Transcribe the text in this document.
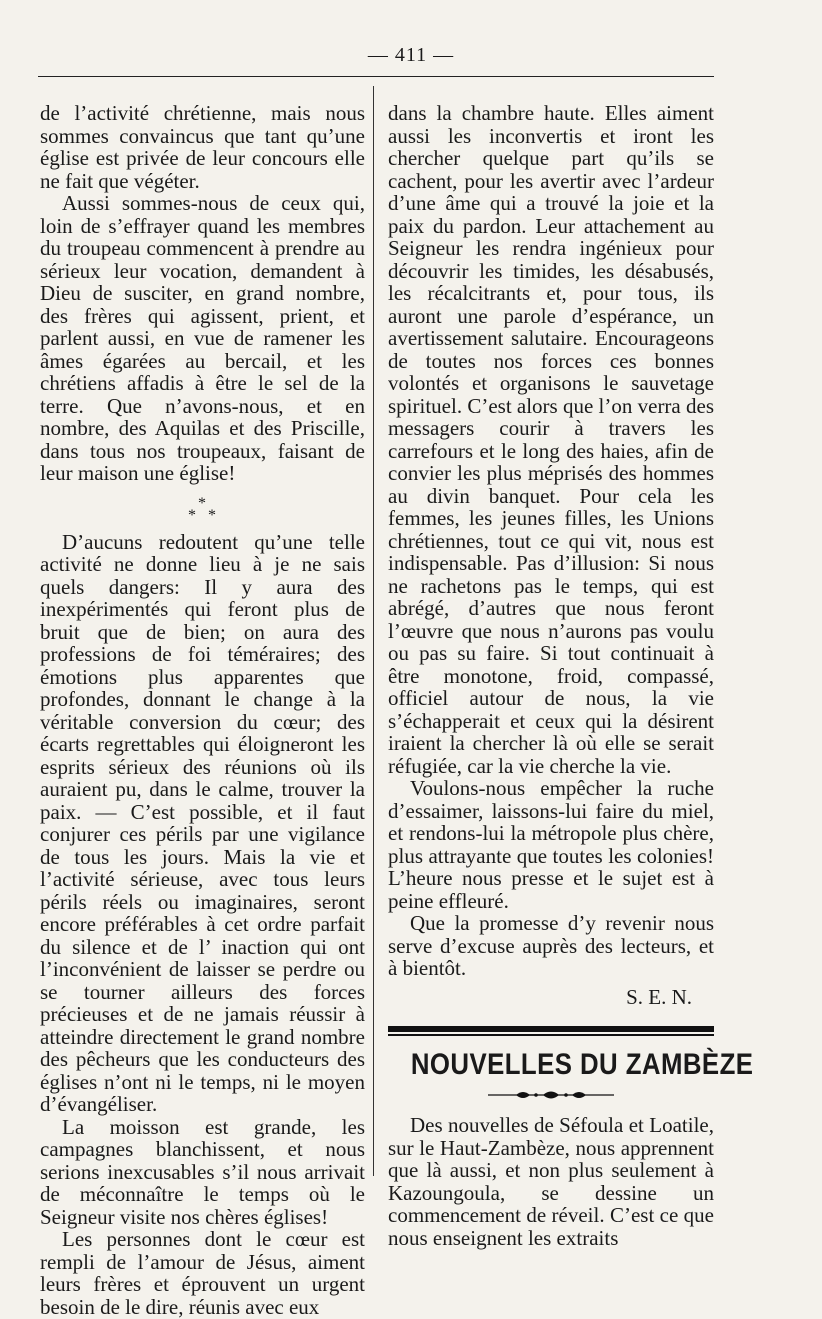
— 411 —

de l’activité chrétienne, mais nous sommes convaincus que tant qu’une église est privée de leur concours elle ne fait que végéter.

Aussi sommes-nous de ceux qui, loin de s’effrayer quand les membres du troupeau commencent à prendre au sérieux leur vocation, demandent à Dieu de susciter, en grand nombre, des frères qui agissent, prient, et parlent aussi, en vue de ramener les âmes égarées au bercail, et les chrétiens affadis à être le sel de la terre. Que n’avons-nous, et en nombre, des Aquilas et des Priscille, dans tous nos troupeaux, faisant de leur maison une église!

*
* *

D’aucuns redoutent qu’une telle activité ne donne lieu à je ne sais quels dangers: Il y aura des inexpérimentés qui feront plus de bruit que de bien; on aura des professions de foi téméraires; des émotions plus apparentes que profondes, donnant le change à la véritable conversion du cœur; des écarts regrettables qui éloigneront les esprits sérieux des réunions où ils auraient pu, dans le calme, trouver la paix. — C’est possible, et il faut conjurer ces périls par une vigilance de tous les jours. Mais la vie et l’activité sérieuse, avec tous leurs périls réels ou imaginaires, seront encore préférables à cet ordre parfait du silence et de l’ inaction qui ont l’inconvénient de laisser se perdre ou se tourner ailleurs des forces précieuses et de ne jamais réussir à atteindre directement le grand nombre des pêcheurs que les conducteurs des églises n’ont ni le temps, ni le moyen d’évangéliser.

La moisson est grande, les campagnes blanchissent, et nous serions inexcusables s’il nous arrivait de méconnaître le temps où le Seigneur visite nos chères églises!

Les personnes dont le cœur est rempli de l’amour de Jésus, aiment leurs frères et éprouvent un urgent besoin de le dire, réunis avec eux

dans la chambre haute. Elles aiment aussi les inconvertis et iront les chercher quelque part qu’ils se cachent, pour les avertir avec l’ardeur d’une âme qui a trouvé la joie et la paix du pardon. Leur attachement au Seigneur les rendra ingénieux pour découvrir les timides, les désabusés, les récalcitrants et, pour tous, ils auront une parole d’espérance, un avertissement salutaire. Encourageons de toutes nos forces ces bonnes volontés et organisons le sauvetage spirituel. C’est alors que l’on verra des messagers courir à travers les carrefours et le long des haies, afin de convier les plus méprisés des hommes au divin banquet. Pour cela les femmes, les jeunes filles, les Unions chrétiennes, tout ce qui vit, nous est indispensable. Pas d’illusion: Si nous ne rachetons pas le temps, qui est abrégé, d’autres que nous feront l’œuvre que nous n’aurons pas voulu ou pas su faire. Si tout continuait à être monotone, froid, compassé, officiel autour de nous, la vie s’échapperait et ceux qui la désirent iraient la chercher là où elle se serait réfugiée, car la vie cherche la vie.

Voulons-nous empêcher la ruche d’essaimer, laissons-lui faire du miel, et rendons-lui la métropole plus chère, plus attrayante que toutes les colonies! L’heure nous presse et le sujet est à peine effleuré.

Que la promesse d’y revenir nous serve d’excuse auprès des lecteurs, et à bientôt.

S. E. N.

NOUVELLES DU ZAMBÈZE

Des nouvelles de Séfoula et Loatile, sur le Haut-Zambèze, nous apprennent que là aussi, et non plus seulement à Kazoungoula, se dessine un commencement de réveil. C’est ce que nous enseignent les extraits
